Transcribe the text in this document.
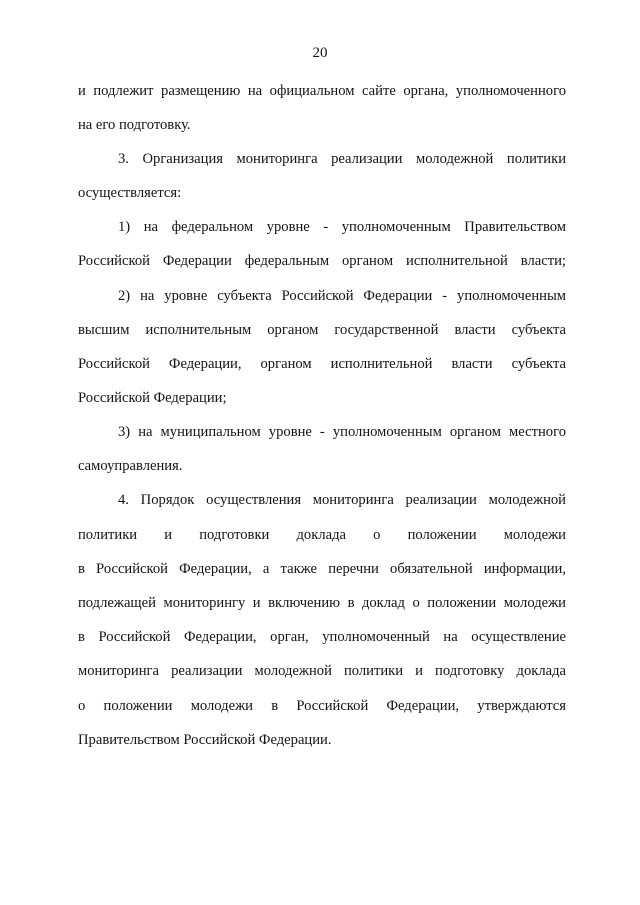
20
и подлежит размещению на официальном сайте органа, уполномоченного
на его подготовку.
3. Организация мониторинга реализации молодежной политики
осуществляется:
1) на федеральном уровне - уполномоченным Правительством
Российской Федерации федеральным органом исполнительной власти;
2) на уровне субъекта Российской Федерации - уполномоченным
высшим исполнительным органом государственной власти субъекта
Российской Федерации, органом исполнительной власти субъекта
Российской Федерации;
3) на муниципальном уровне - уполномоченным органом местного
самоуправления.
4. Порядок осуществления мониторинга реализации молодежной
политики и подготовки доклада о положении молодежи
в Российской Федерации, а также перечни обязательной информации,
подлежащей мониторингу и включению в доклад о положении молодежи
в Российской Федерации, орган, уполномоченный на осуществление
мониторинга реализации молодежной политики и подготовку доклада
о положении молодежи в Российской Федерации, утверждаются
Правительством Российской Федерации.
